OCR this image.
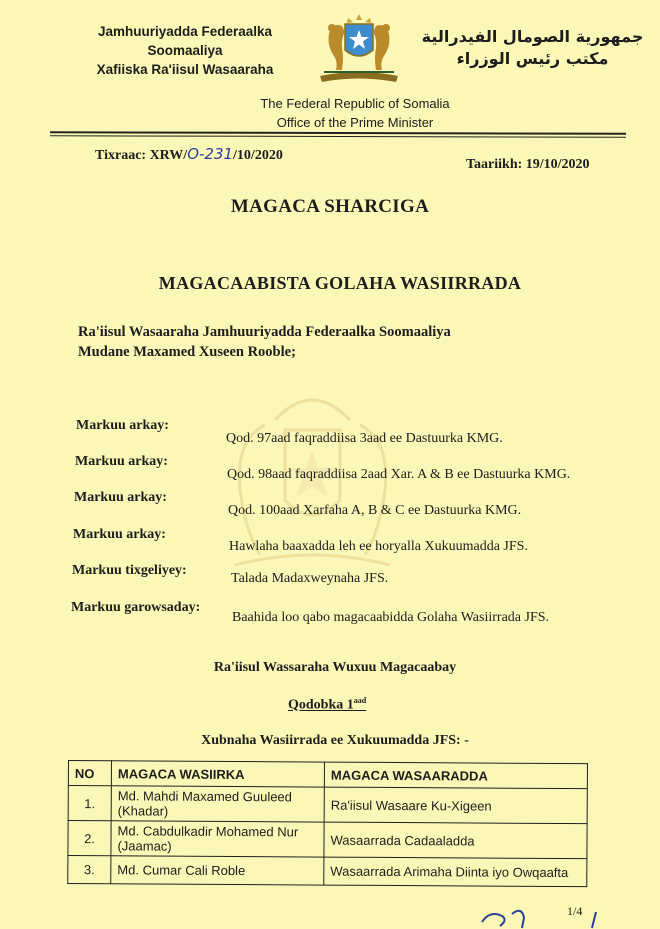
Jamhuuriyadda Federaalka Soomaaliya
Xafiiska Ra'iisul Wasaaraha
جمهورية الصومال الفيدرالية
مكتب رئيس الوزراء
The Federal Republic of Somalia
Office of the Prime Minister
Tixraac: XRW/O-231/10/2020
Taariikh: 19/10/2020
MAGACA SHARCIGA
MAGACAABISTA GOLAHA WASIIRRADA
Ra'iisul Wasaaraha Jamhuuriyadda Federaalka Soomaaliya
Mudane Maxamed Xuseen Rooble;
Markuu arkay:
Qod. 97aad faqraddiisa 3aad ee Dastuurka KMG.
Markuu arkay:
Qod. 98aad faqraddiisa 2aad Xar. A & B ee Dastuurka KMG.
Markuu arkay:
Qod. 100aad Xarfaha A, B & C ee Dastuurka KMG.
Markuu arkay:
Hawlaha baaxadda leh ee horyalla Xukuumadda JFS.
Markuu tixgeliyey:
Talada Madaxweynaha JFS.
Markuu garowsaday:
Baahida loo qabo magacaabidda Golaha Wasiirrada JFS.
Ra'iisul Wassaraha Wuxuu Magacaabay
Qodobka $1^{aad}$
Xubnaha Wasiirrada ee Xukuumadda JFS: -
NO	MAGACA WASIIRKA	MAGACA WASAARADDA
1.	Md. Mahdi Maxamed Guuleed (Khadar)	Ra'iisul Wasaare Ku-Xigeen
2.	Md. Cabdulkadir Mohamed Nur (Jaamac)	Wasaarrada Cadaaladda
3.	Md. Cumar Cali Roble	Wasaarrada Arimaha Diinta iyo Owqaafta
1/4
